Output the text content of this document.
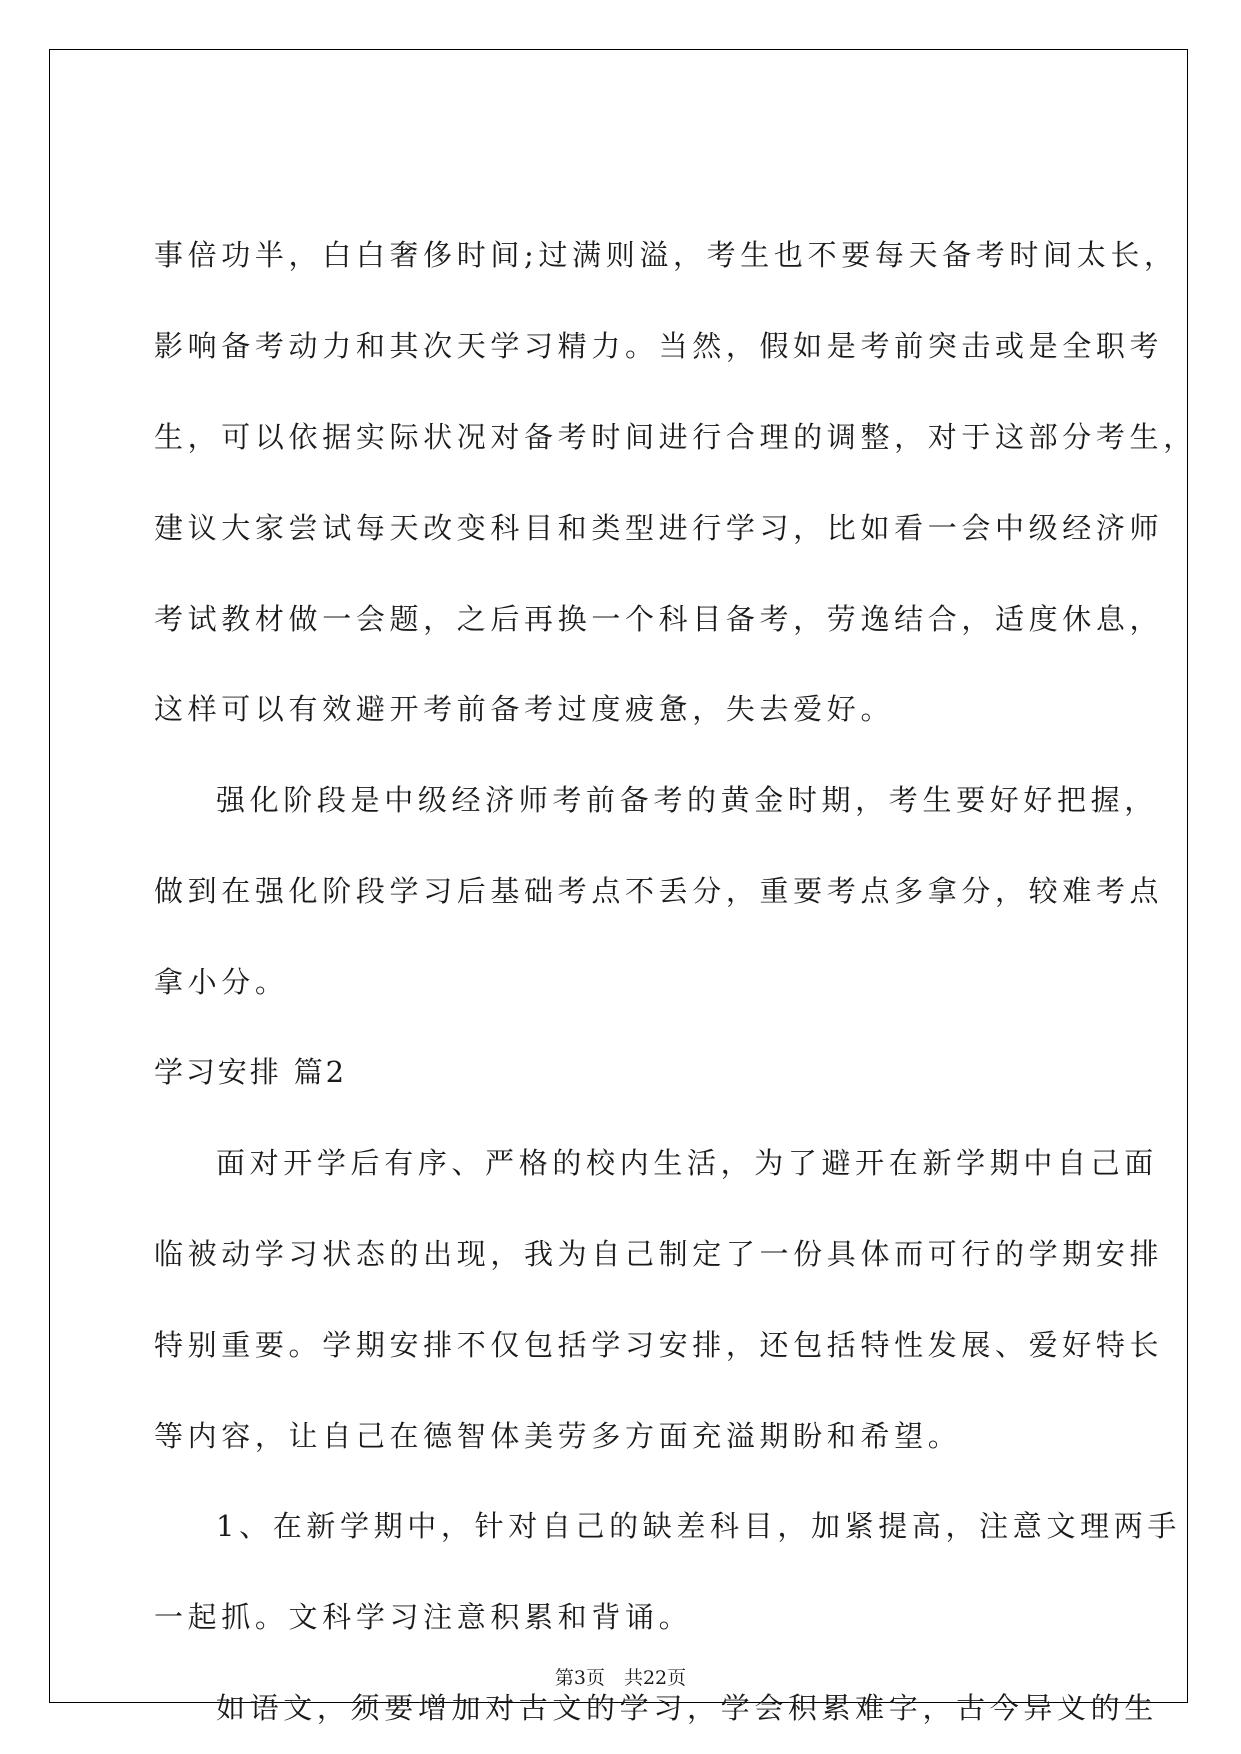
事倍功半，白白奢侈时间;过满则溢，考生也不要每天备考时间太长，
影响备考动力和其次天学习精力。当然，假如是考前突击或是全职考
生，可以依据实际状况对备考时间进行合理的调整，对于这部分考生，
建议大家尝试每天改变科目和类型进行学习，比如看一会中级经济师
考试教材做一会题，之后再换一个科目备考，劳逸结合，适度休息，
这样可以有效避开考前备考过度疲惫，失去爱好。
强化阶段是中级经济师考前备考的黄金时期，考生要好好把握，
做到在强化阶段学习后基础考点不丢分，重要考点多拿分，较难考点
拿小分。
学习安排 篇2
面对开学后有序、严格的校内生活，为了避开在新学期中自己面
临被动学习状态的出现，我为自己制定了一份具体而可行的学期安排
特别重要。学期安排不仅包括学习安排，还包括特性发展、爱好特长
等内容，让自己在德智体美劳多方面充溢期盼和希望。
1、在新学期中，针对自己的缺差科目，加紧提高，注意文理两手
一起抓。文科学习注意积累和背诵。
如语文，须要增加对古文的学习，学会积累难字，古今异义的生
第3页　共22页
